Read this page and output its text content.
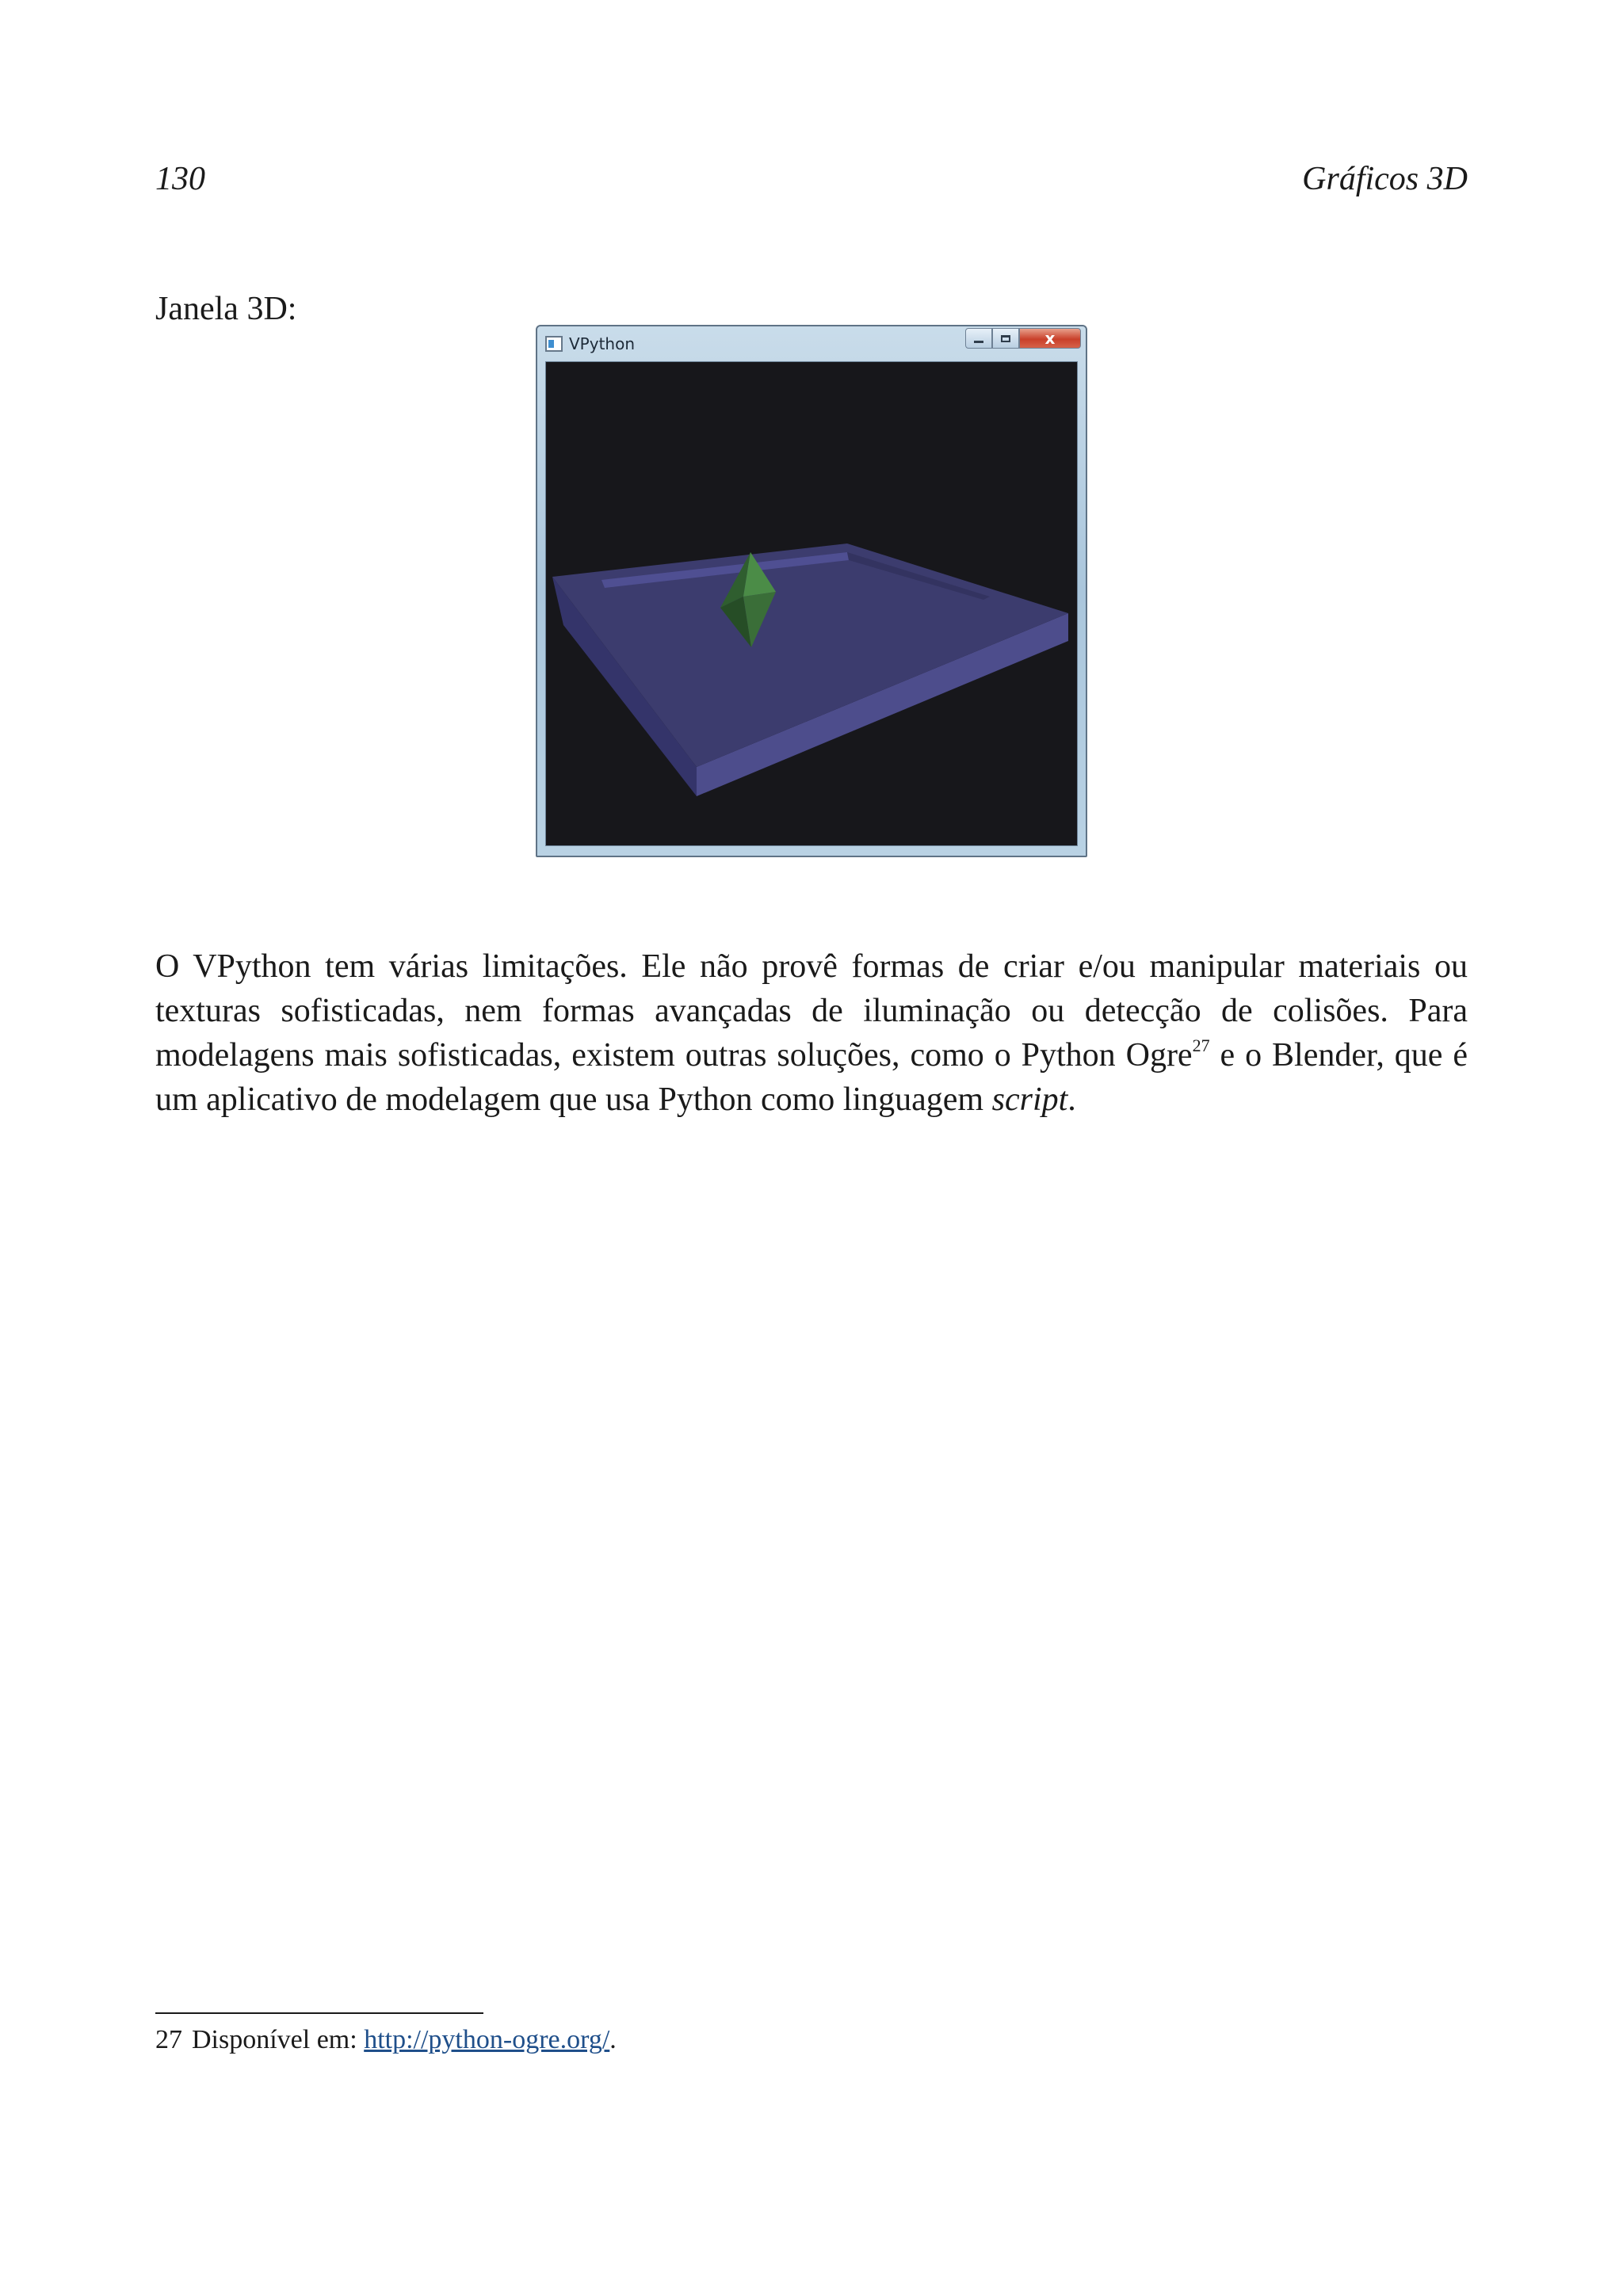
130	Gráficos 3D
Janela 3D:
VPython	x
O VPython tem várias limitações. Ele não provê formas de criar e/ou manipular materiais ou texturas sofisticadas, nem formas avançadas de iluminação ou detecção de colisões. Para modelagens mais sofisticadas, existem outras soluções, como o Python Ogre$^{27}$ e o Blender, que é um aplicativo de modelagem que usa Python como linguagem script.
27 Disponível em: http://python-ogre.org/.
